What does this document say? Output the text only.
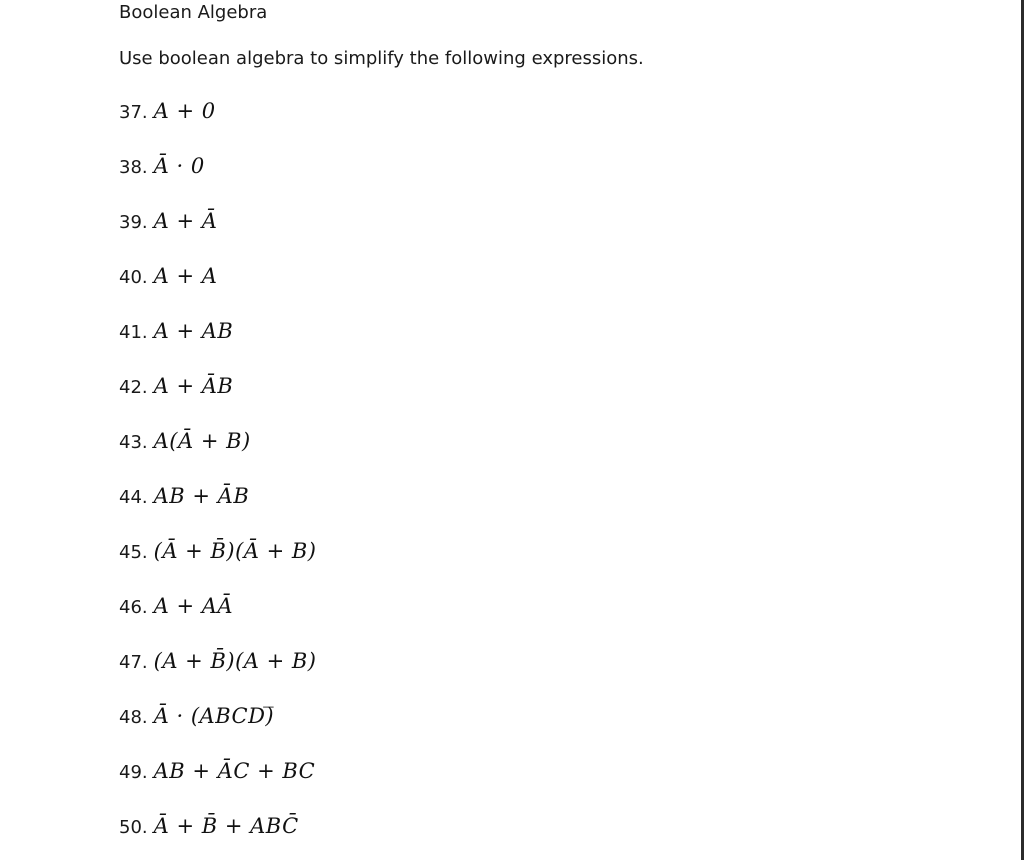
Boolean Algebra
Use boolean algebra to simplify the following expressions.
37. A + 0
38. Ā · 0
39. A + Ā
40. A + A
41. A + AB
42. A + ĀB
43. A(Ā + B)
44. AB + ĀB
45. (Ā + B̄)(Ā + B)
46. A + AĀ
47. (A + B̄)(A + B)
48. Ā · (ABCD)̅
49. AB + ĀC + BC
50. Ā + B̄ + ABC̄
